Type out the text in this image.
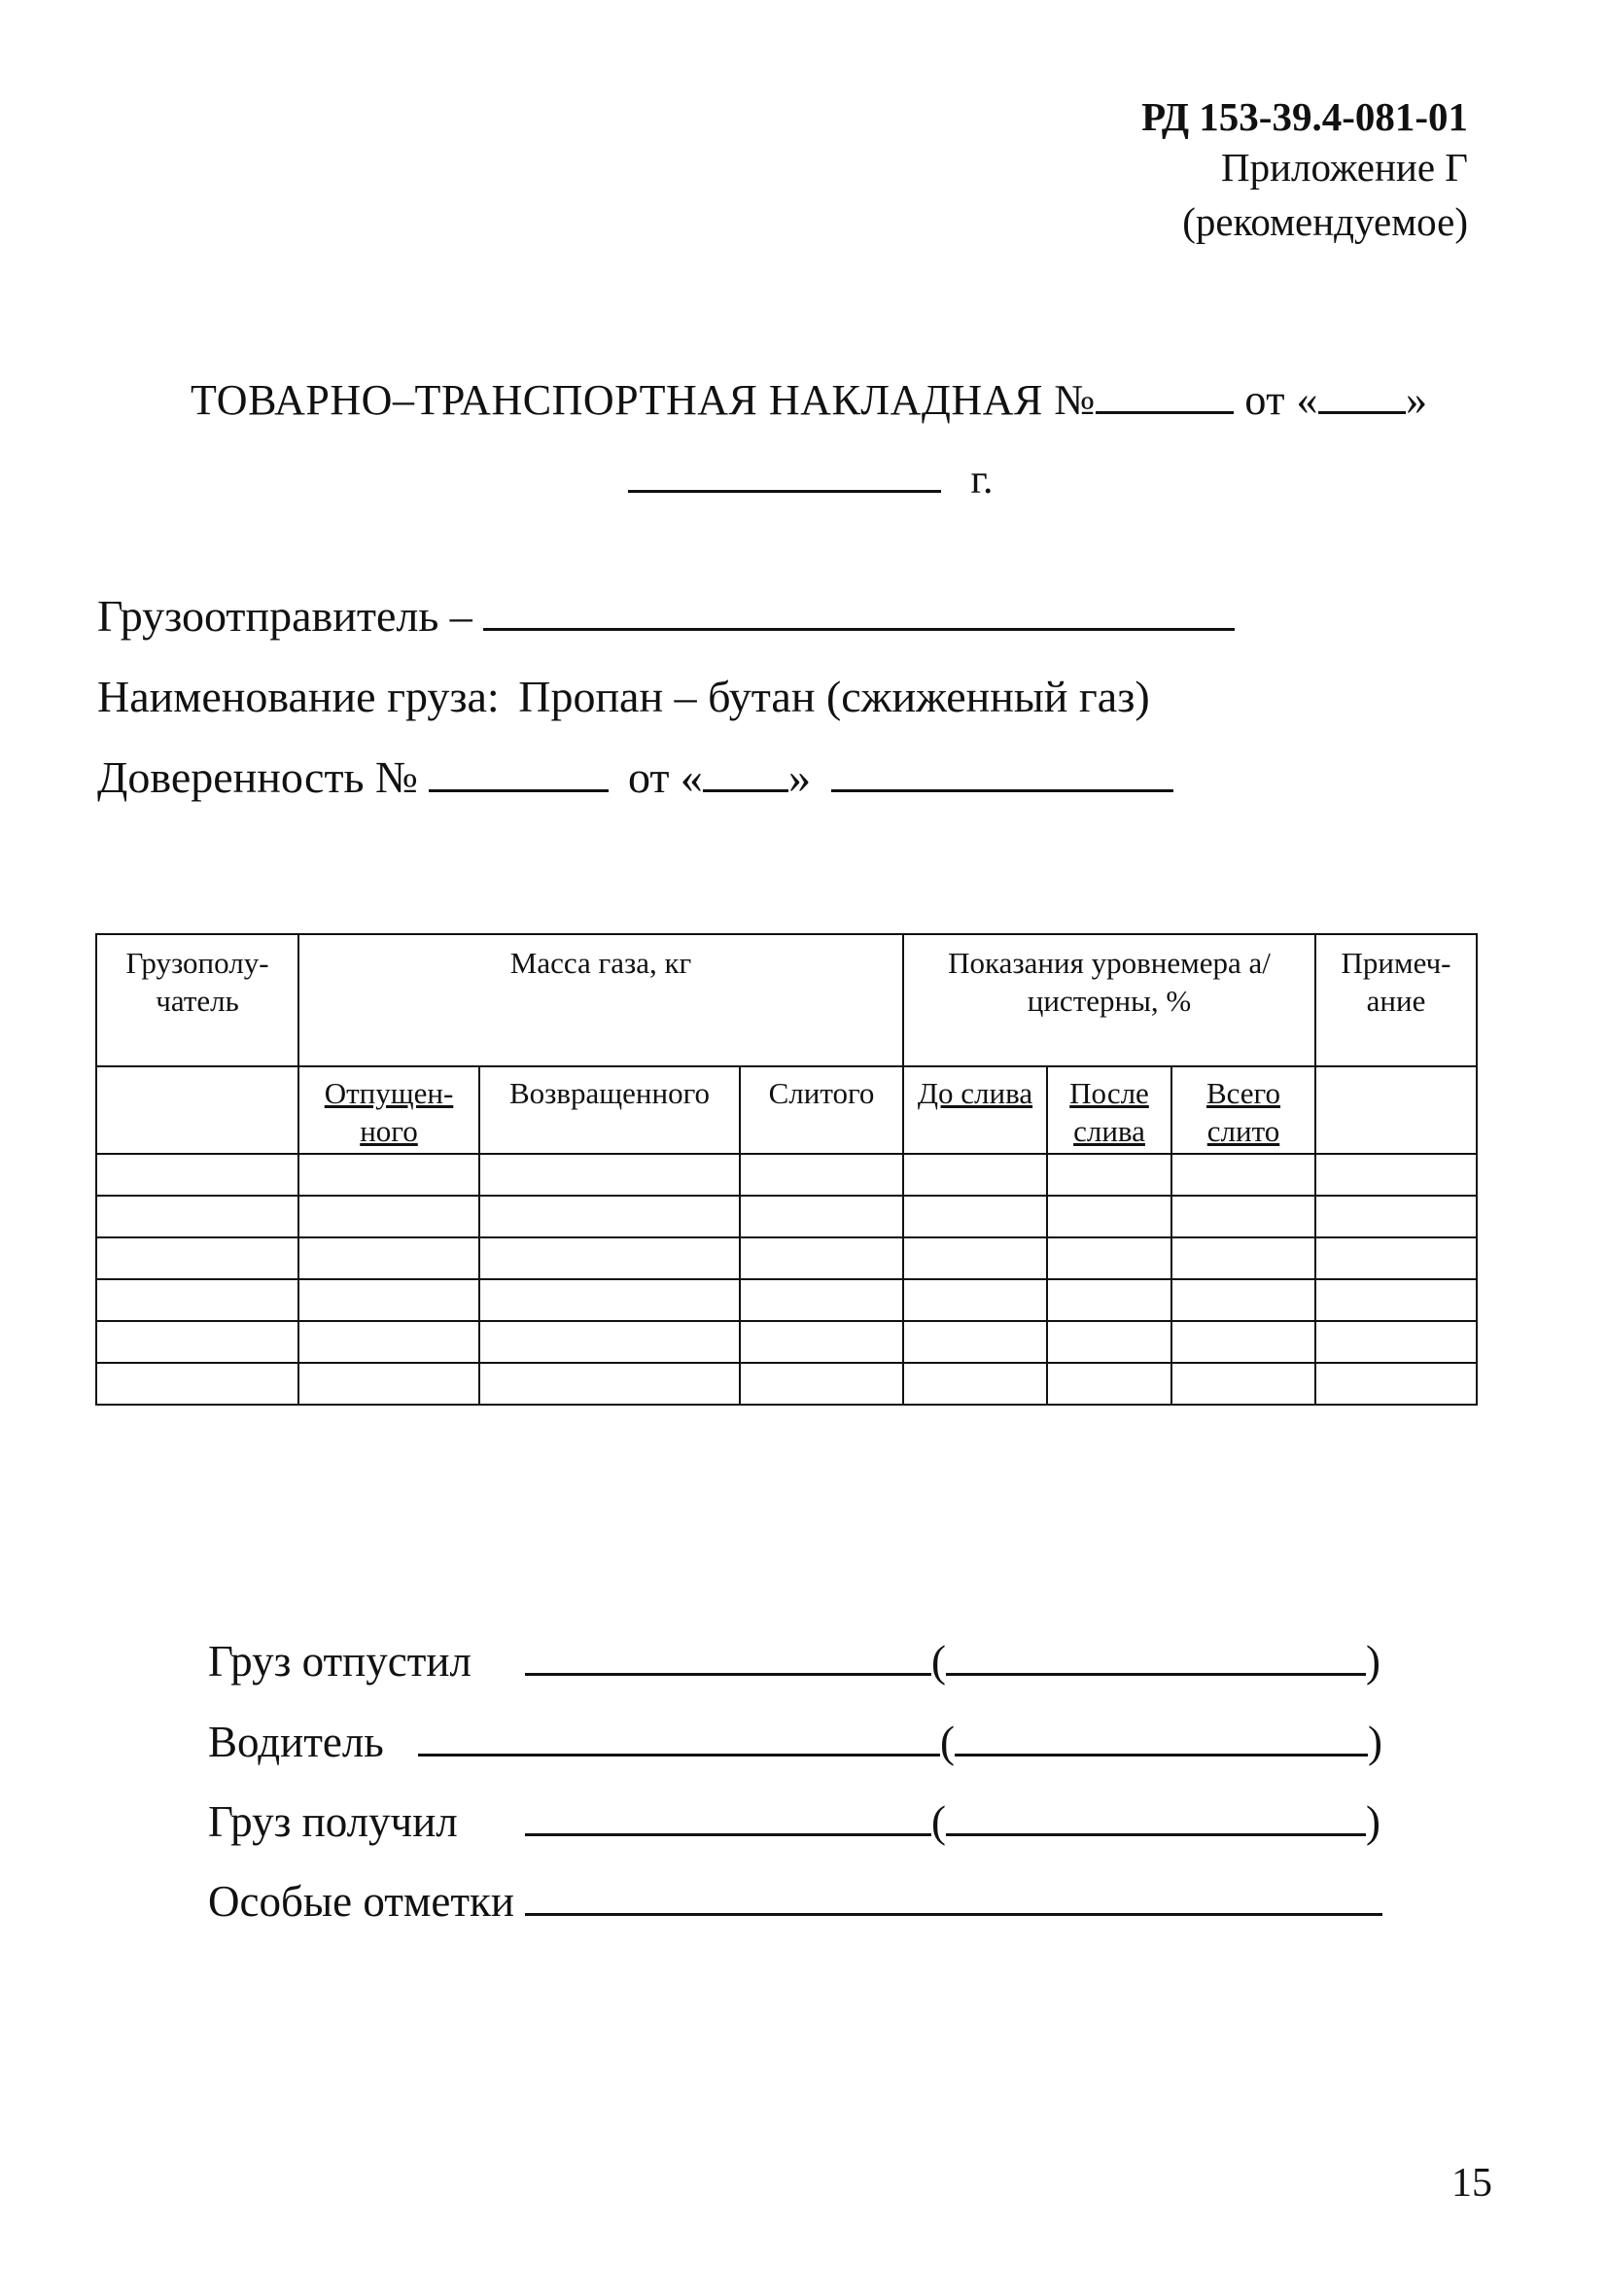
РД 153-39.4-081-01
Приложение Г
(рекомендуемое)
ТОВАРНО–ТРАНСПОРТНАЯ НАКЛАДНАЯ №	от « »
г.
Грузоотправитель –
Наименование груза: Пропан – бутан (сжиженный газ)
Доверенность №	от « »
Грузополу-чатель	Масса газа, кг			Показания уровнемера а/цистерны, %			Примеч-ание
	Отпущен-ного	Возвращенного	Слитого	До слива	После слива	Всего слито	

Груз отпустил	(	)
Водитель	(	)
Груз получил	(	)
Особые отметки
15
